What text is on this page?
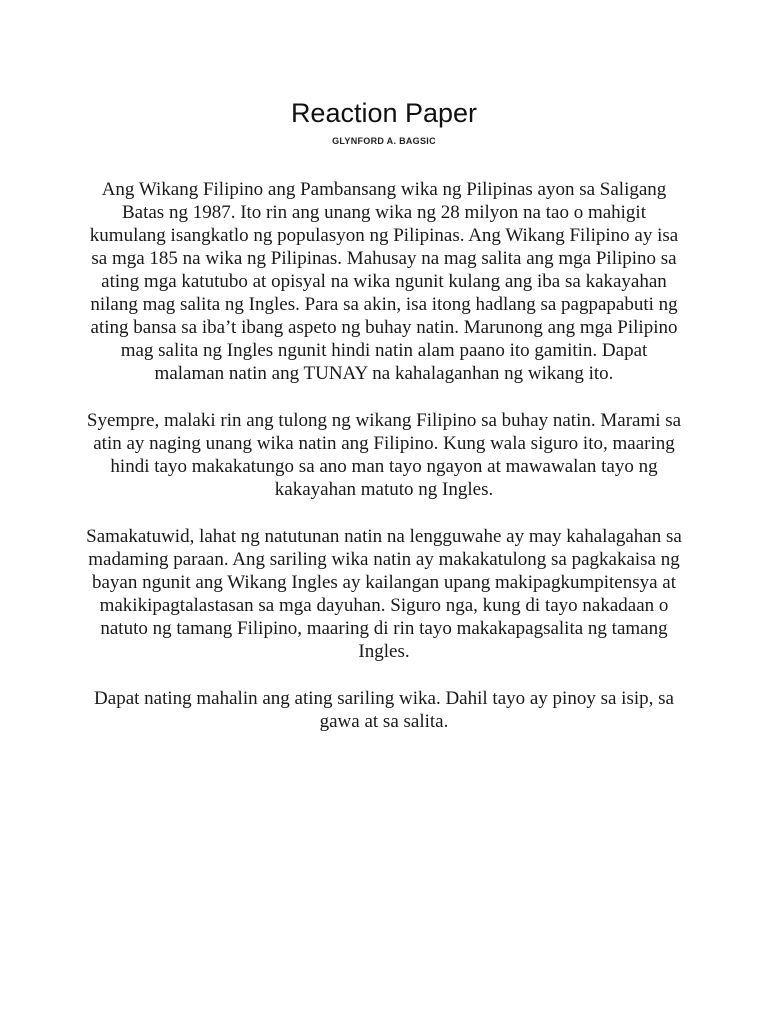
Reaction Paper
GLYNFORD A. BAGSIC

Ang Wikang Filipino ang Pambansang wika ng Pilipinas ayon sa Saligang Batas ng 1987. Ito rin ang unang wika ng 28 milyon na tao o mahigit kumulang isangkatlo ng populasyon ng Pilipinas. Ang Wikang Filipino ay isa sa mga 185 na wika ng Pilipinas. Mahusay na mag salita ang mga Pilipino sa ating mga katutubo at opisyal na wika ngunit kulang ang iba sa kakayahan nilang mag salita ng Ingles. Para sa akin, isa itong hadlang sa pagpapabuti ng ating bansa sa iba’t ibang aspeto ng buhay natin. Marunong ang mga Pilipino mag salita ng Ingles ngunit hindi natin alam paano ito gamitin. Dapat malaman natin ang TUNAY na kahalaganhan ng wikang ito.

Syempre, malaki rin ang tulong ng wikang Filipino sa buhay natin. Marami sa atin ay naging unang wika natin ang Filipino. Kung wala siguro ito, maaring hindi tayo makakatungo sa ano man tayo ngayon at mawawalan tayo ng kakayahan matuto ng Ingles.

Samakatuwid, lahat ng natutunan natin na lengguwahe ay may kahalagahan sa madaming paraan. Ang sariling wika natin ay makakatulong sa pagkakaisa ng bayan ngunit ang Wikang Ingles ay kailangan upang makipagkumpitensya at makikipagtalastasan sa mga dayuhan. Siguro nga, kung di tayo nakadaan o natuto ng tamang Filipino, maaring di rin tayo makakapagsalita ng tamang Ingles.

Dapat nating mahalin ang ating sariling wika. Dahil tayo ay pinoy sa isip, sa gawa at sa salita.
